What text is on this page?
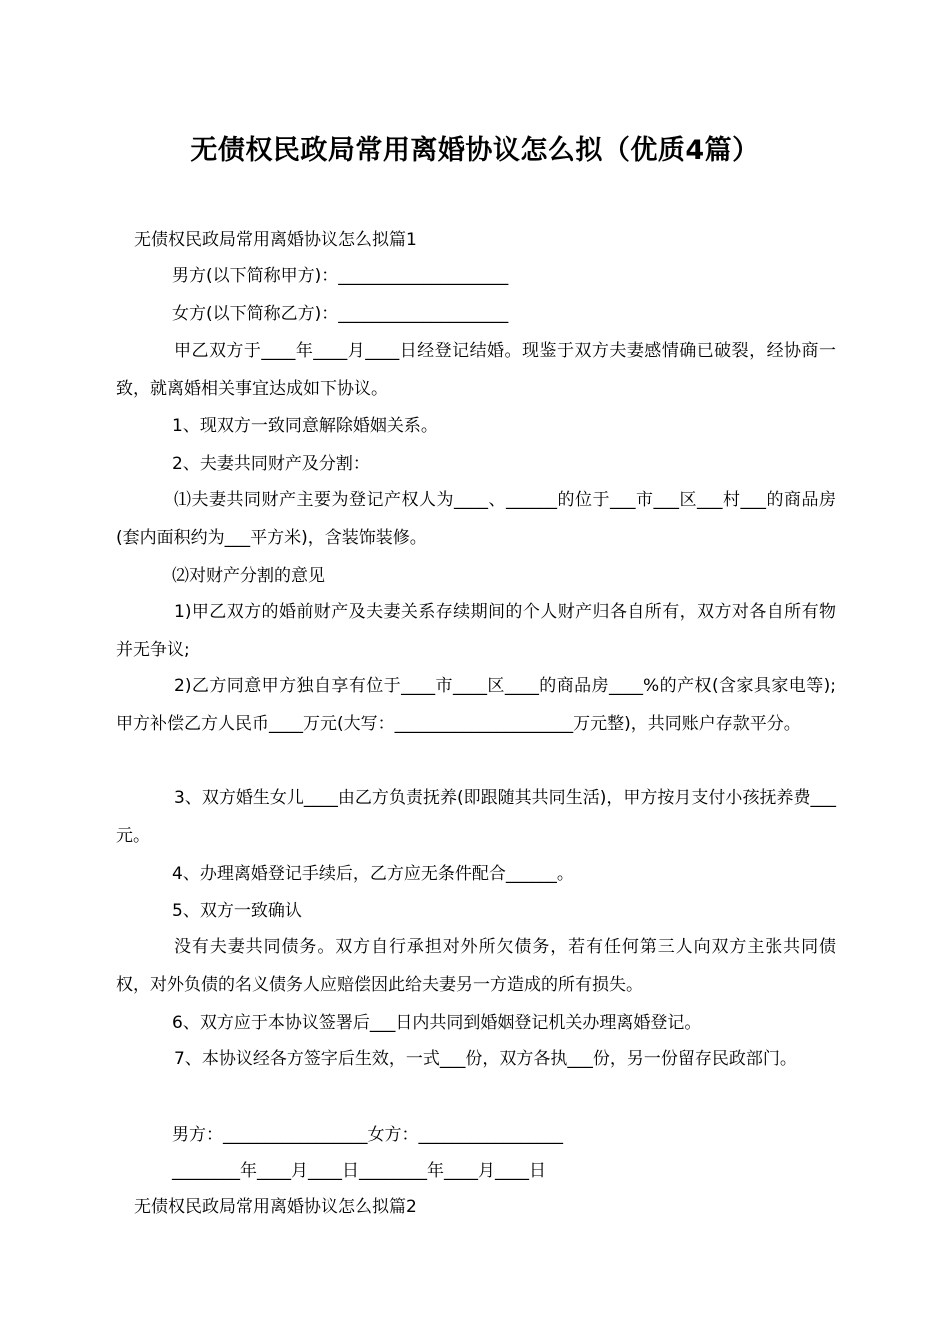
无债权民政局常用离婚协议怎么拟（优质4篇）
无债权民政局常用离婚协议怎么拟篇1
男方(以下简称甲方)：____________________
女方(以下简称乙方)：____________________
甲乙双方于____年____月____日经登记结婚。现鉴于双方夫妻感情确已破裂，经协商一致，就离婚相关事宜达成如下协议。
1、现双方一致同意解除婚姻关系。
2、夫妻共同财产及分割：
⑴夫妻共同财产主要为登记产权人为____、______的位于___市___区___村___的商品房(套内面积约为___平方米)，含装饰装修。
⑵对财产分割的意见
1)甲乙双方的婚前财产及夫妻关系存续期间的个人财产归各自所有，双方对各自所有物并无争议;
2)乙方同意甲方独自享有位于____市____区____的商品房____%的产权(含家具家电等);甲方补偿乙方人民币____万元(大写：_____________________万元整)，共同账户存款平分。
3、双方婚生女儿____由乙方负责抚养(即跟随其共同生活)，甲方按月支付小孩抚养费___元。
4、办理离婚登记手续后，乙方应无条件配合______。
5、双方一致确认
没有夫妻共同债务。双方自行承担对外所欠债务，若有任何第三人向双方主张共同债权，对外负债的名义债务人应赔偿因此给夫妻另一方造成的所有损失。
6、双方应于本协议签署后___日内共同到婚姻登记机关办理离婚登记。
7、本协议经各方签字后生效，一式___份，双方各执___份，另一份留存民政部门。
男方：_________________女方：_________________
________年____月____日________年____月____日
无债权民政局常用离婚协议怎么拟篇2
